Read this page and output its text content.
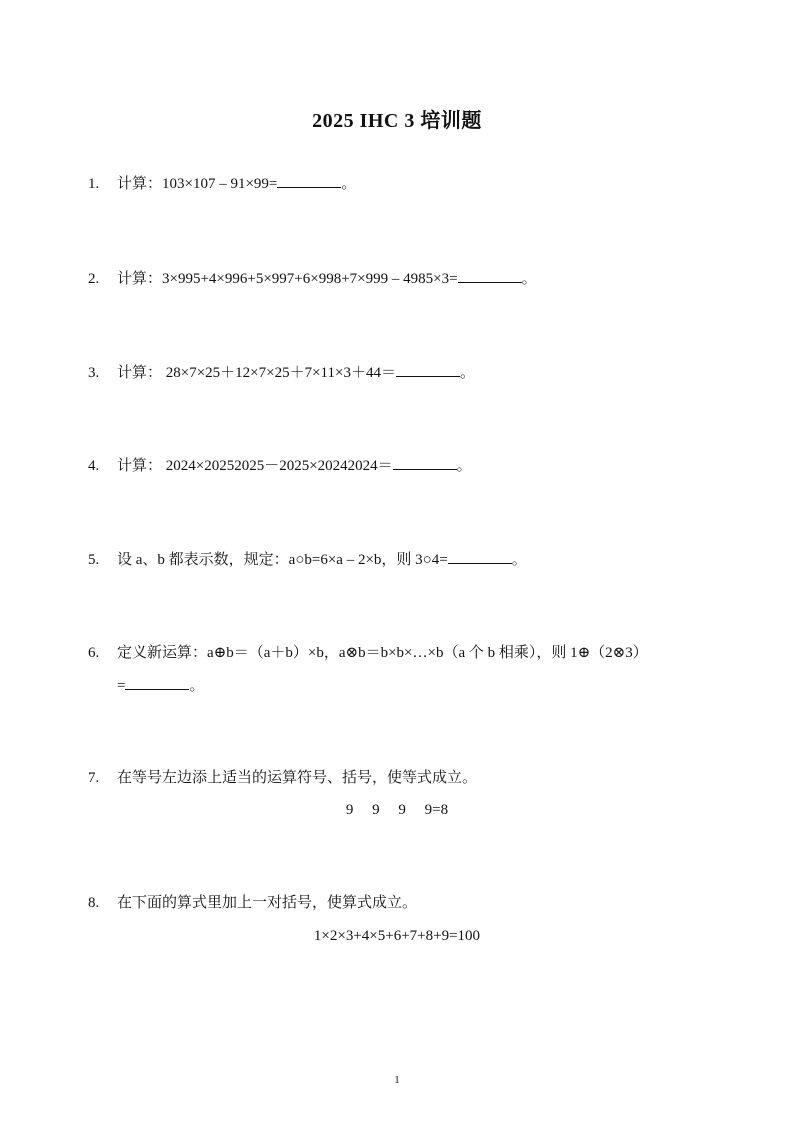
2025 IHC 3 培训题
1. 计算：103×107 – 91×99=	。
2. 计算：3×995+4×996+5×997+6×998+7×999 – 4985×3=	。
3. 计算： 28×7×25＋12×7×25＋7×11×3＋44＝	。
4. 计算： 2024×20252025－2025×20242024＝	。
5. 设 a、b 都表示数，规定：a○b=6×a – 2×b，则 3○4=	。
6. 定义新运算：a⊕b＝（a＋b）×b，a⊗b＝b×b×…×b（a 个 b 相乘），则 1⊕（2⊗3）
=	。
7. 在等号左边添上适当的运算符号、括号，使等式成立。
9     9     9     9=8
8. 在下面的算式里加上一对括号，使算式成立。
1×2×3+4×5+6+7+8+9=100
1
